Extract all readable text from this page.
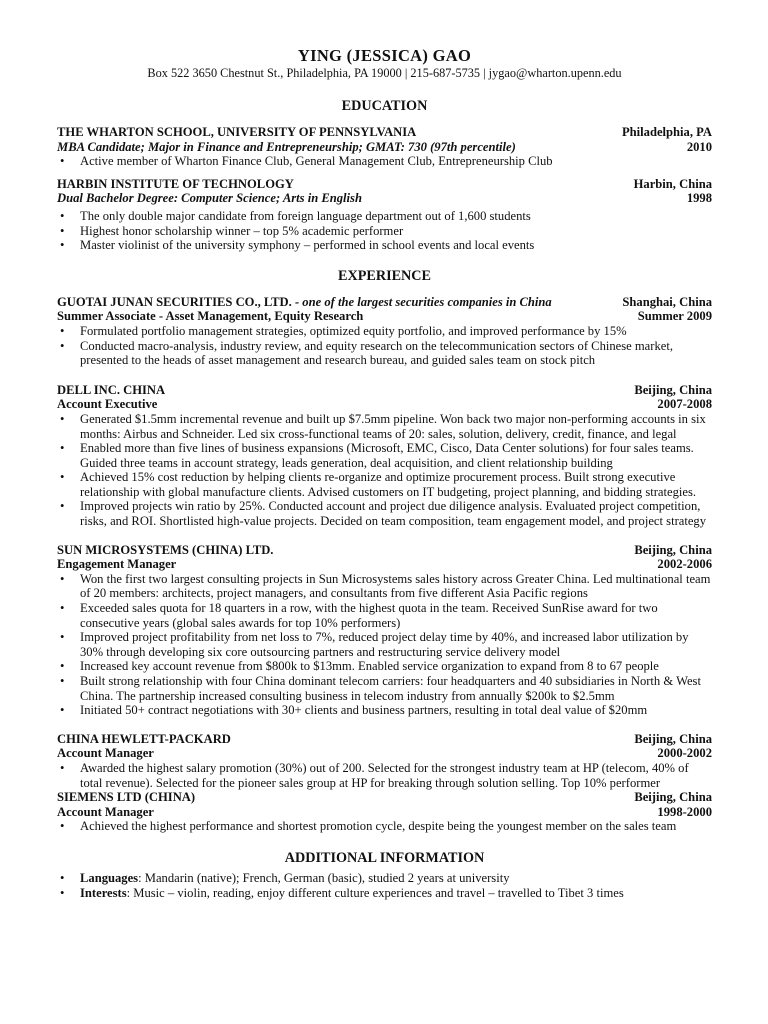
YING (JESSICA) GAO
Box 522 3650 Chestnut St., Philadelphia, PA 19000 | 215-687-5735 | jygao@wharton.upenn.edu
EDUCATION
THE WHARTON SCHOOL, UNIVERSITY OF PENNSYLVANIA	Philadelphia, PA
MBA Candidate; Major in Finance and Entrepreneurship; GMAT: 730 (97th percentile)	2010
• Active member of Wharton Finance Club, General Management Club, Entrepreneurship Club
HARBIN INSTITUTE OF TECHNOLOGY	Harbin, China
Dual Bachelor Degree: Computer Science; Arts in English	1998
• The only double major candidate from foreign language department out of 1,600 students
• Highest honor scholarship winner – top 5% academic performer
• Master violinist of the university symphony – performed in school events and local events
EXPERIENCE
GUOTAI JUNAN SECURITIES CO., LTD. - one of the largest securities companies in China	Shanghai, China
Summer Associate - Asset Management, Equity Research	Summer 2009
• Formulated portfolio management strategies, optimized equity portfolio, and improved performance by 15%
• Conducted macro-analysis, industry review, and equity research on the telecommunication sectors of Chinese market, presented to the heads of asset management and research bureau, and guided sales team on stock pitch
DELL INC. CHINA	Beijing, China
Account Executive	2007-2008
• Generated $1.5mm incremental revenue and built up $7.5mm pipeline. Won back two major non-performing accounts in six months: Airbus and Schneider. Led six cross-functional teams of 20: sales, solution, delivery, credit, finance, and legal
• Enabled more than five lines of business expansions (Microsoft, EMC, Cisco, Data Center solutions) for four sales teams. Guided three teams in account strategy, leads generation, deal acquisition, and client relationship building
• Achieved 15% cost reduction by helping clients re-organize and optimize procurement process. Built strong executive relationship with global manufacture clients. Advised customers on IT budgeting, project planning, and bidding strategies.
• Improved projects win ratio by 25%. Conducted account and project due diligence analysis. Evaluated project competition, risks, and ROI. Shortlisted high-value projects. Decided on team composition, team engagement model, and project strategy
SUN MICROSYSTEMS (CHINA) LTD.	Beijing, China
Engagement Manager	2002-2006
• Won the first two largest consulting projects in Sun Microsystems sales history across Greater China. Led multinational team of 20 members: architects, project managers, and consultants from five different Asia Pacific regions
• Exceeded sales quota for 18 quarters in a row, with the highest quota in the team. Received SunRise award for two consecutive years (global sales awards for top 10% performers)
• Improved project profitability from net loss to 7%, reduced project delay time by 40%, and increased labor utilization by 30% through developing six core outsourcing partners and restructuring service delivery model
• Increased key account revenue from $800k to $13mm. Enabled service organization to expand from 8 to 67 people
• Built strong relationship with four China dominant telecom carriers: four headquarters and 40 subsidiaries in North & West China. The partnership increased consulting business in telecom industry from annually $200k to $2.5mm
• Initiated 50+ contract negotiations with 30+ clients and business partners, resulting in total deal value of $20mm
CHINA HEWLETT-PACKARD	Beijing, China
Account Manager	2000-2002
• Awarded the highest salary promotion (30%) out of 200. Selected for the strongest industry team at HP (telecom, 40% of total revenue). Selected for the pioneer sales group at HP for breaking through solution selling. Top 10% performer
SIEMENS LTD (CHINA)	Beijing, China
Account Manager	1998-2000
• Achieved the highest performance and shortest promotion cycle, despite being the youngest member on the sales team
ADDITIONAL INFORMATION
• Languages: Mandarin (native); French, German (basic), studied 2 years at university
• Interests: Music – violin, reading, enjoy different culture experiences and travel – travelled to Tibet 3 times
